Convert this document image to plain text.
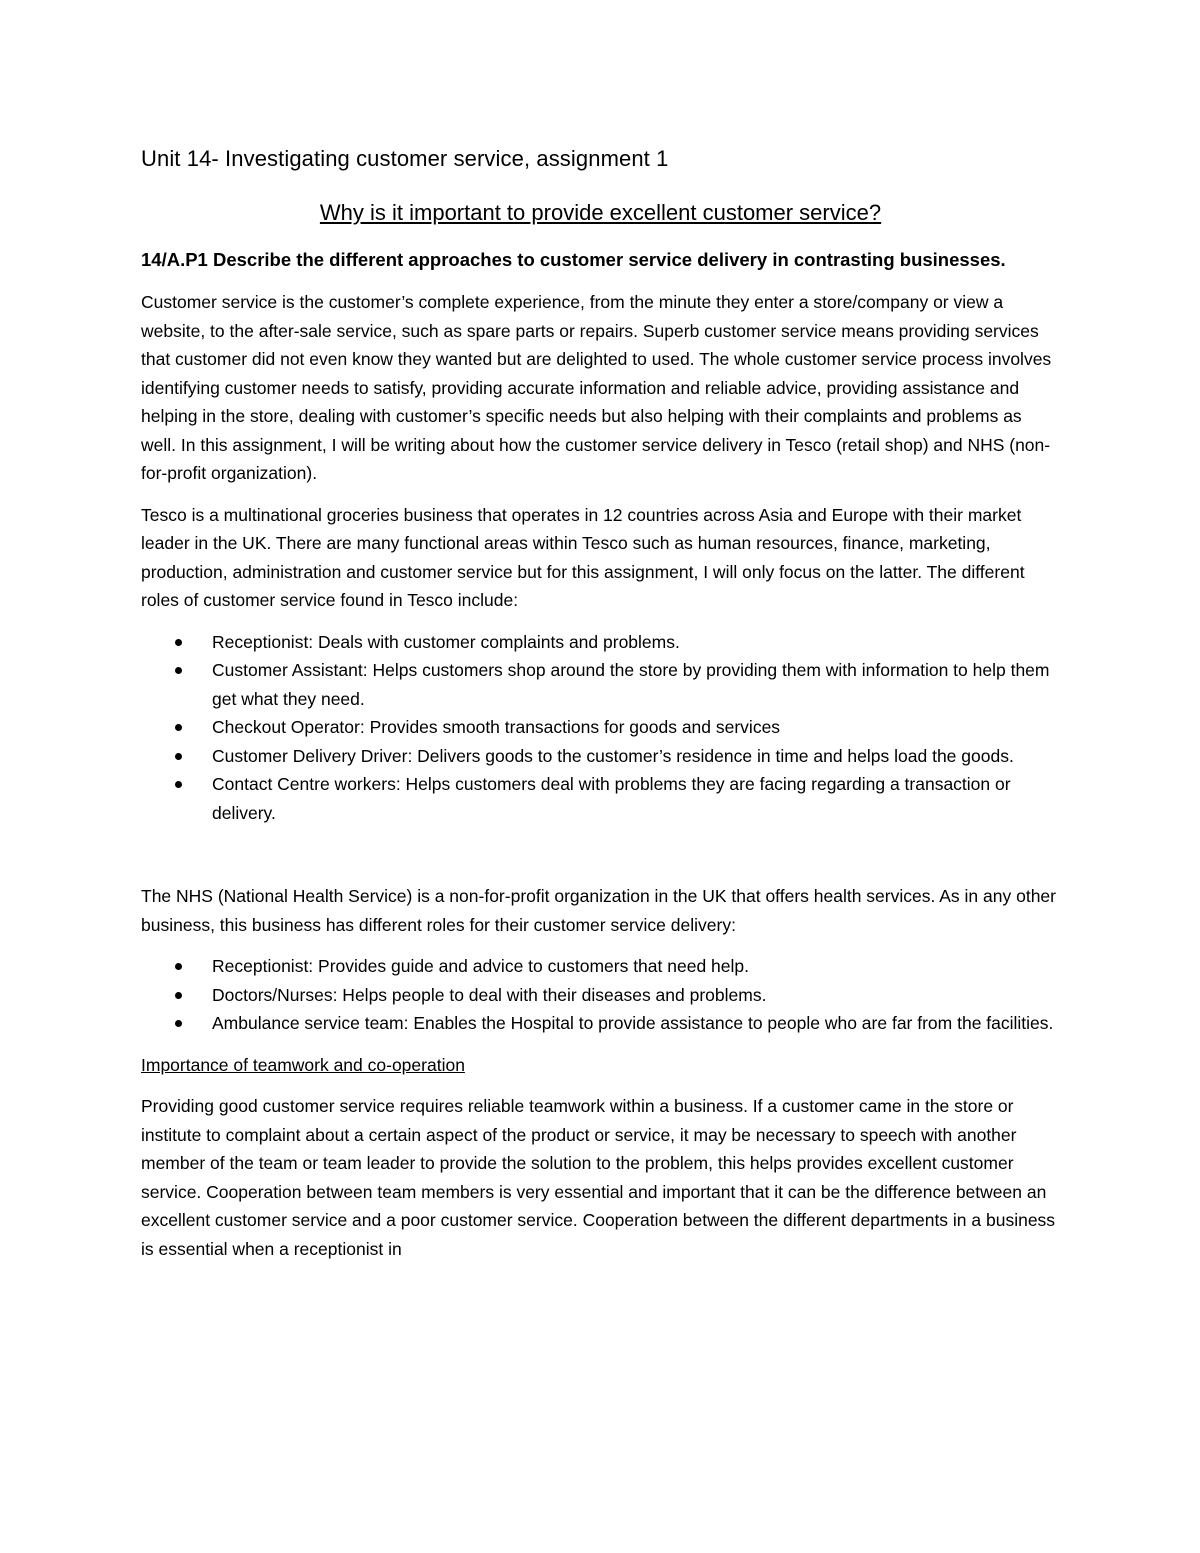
Unit 14- Investigating customer service, assignment 1
Why is it important to provide excellent customer service?
14/A.P1 Describe the different approaches to customer service delivery in contrasting businesses.

Customer service is the customer’s complete experience, from the minute they enter a store/company or view a website, to the after-sale service, such as spare parts or repairs. Superb customer service means providing services that customer did not even know they wanted but are delighted to used. The whole customer service process involves identifying customer needs to satisfy, providing accurate information and reliable advice, providing assistance and helping in the store, dealing with customer’s specific needs but also helping with their complaints and problems as well. In this assignment, I will be writing about how the customer service delivery in Tesco (retail shop) and NHS (non-for-profit organization).

Tesco is a multinational groceries business that operates in 12 countries across Asia and Europe with their market leader in the UK. There are many functional areas within Tesco such as human resources, finance, marketing, production, administration and customer service but for this assignment, I will only focus on the latter. The different roles of customer service found in Tesco include:

Receptionist: Deals with customer complaints and problems.
Customer Assistant: Helps customers shop around the store by providing them with information to help them get what they need.
Checkout Operator: Provides smooth transactions for goods and services
Customer Delivery Driver: Delivers goods to the customer’s residence in time and helps load the goods.
Contact Centre workers: Helps customers deal with problems they are facing regarding a transaction or delivery.

The NHS (National Health Service) is a non-for-profit organization in the UK that offers health services. As in any other business, this business has different roles for their customer service delivery:

Receptionist: Provides guide and advice to customers that need help.
Doctors/Nurses: Helps people to deal with their diseases and problems.
Ambulance service team: Enables the Hospital to provide assistance to people who are far from the facilities.
Importance of teamwork and co-operation

Providing good customer service requires reliable teamwork within a business. If a customer came in the store or institute to complaint about a certain aspect of the product or service, it may be necessary to speech with another member of the team or team leader to provide the solution to the problem, this helps provides excellent customer service. Cooperation between team members is very essential and important that it can be the difference between an excellent customer service and a poor customer service. Cooperation between the different departments in a business is essential when a receptionist in
